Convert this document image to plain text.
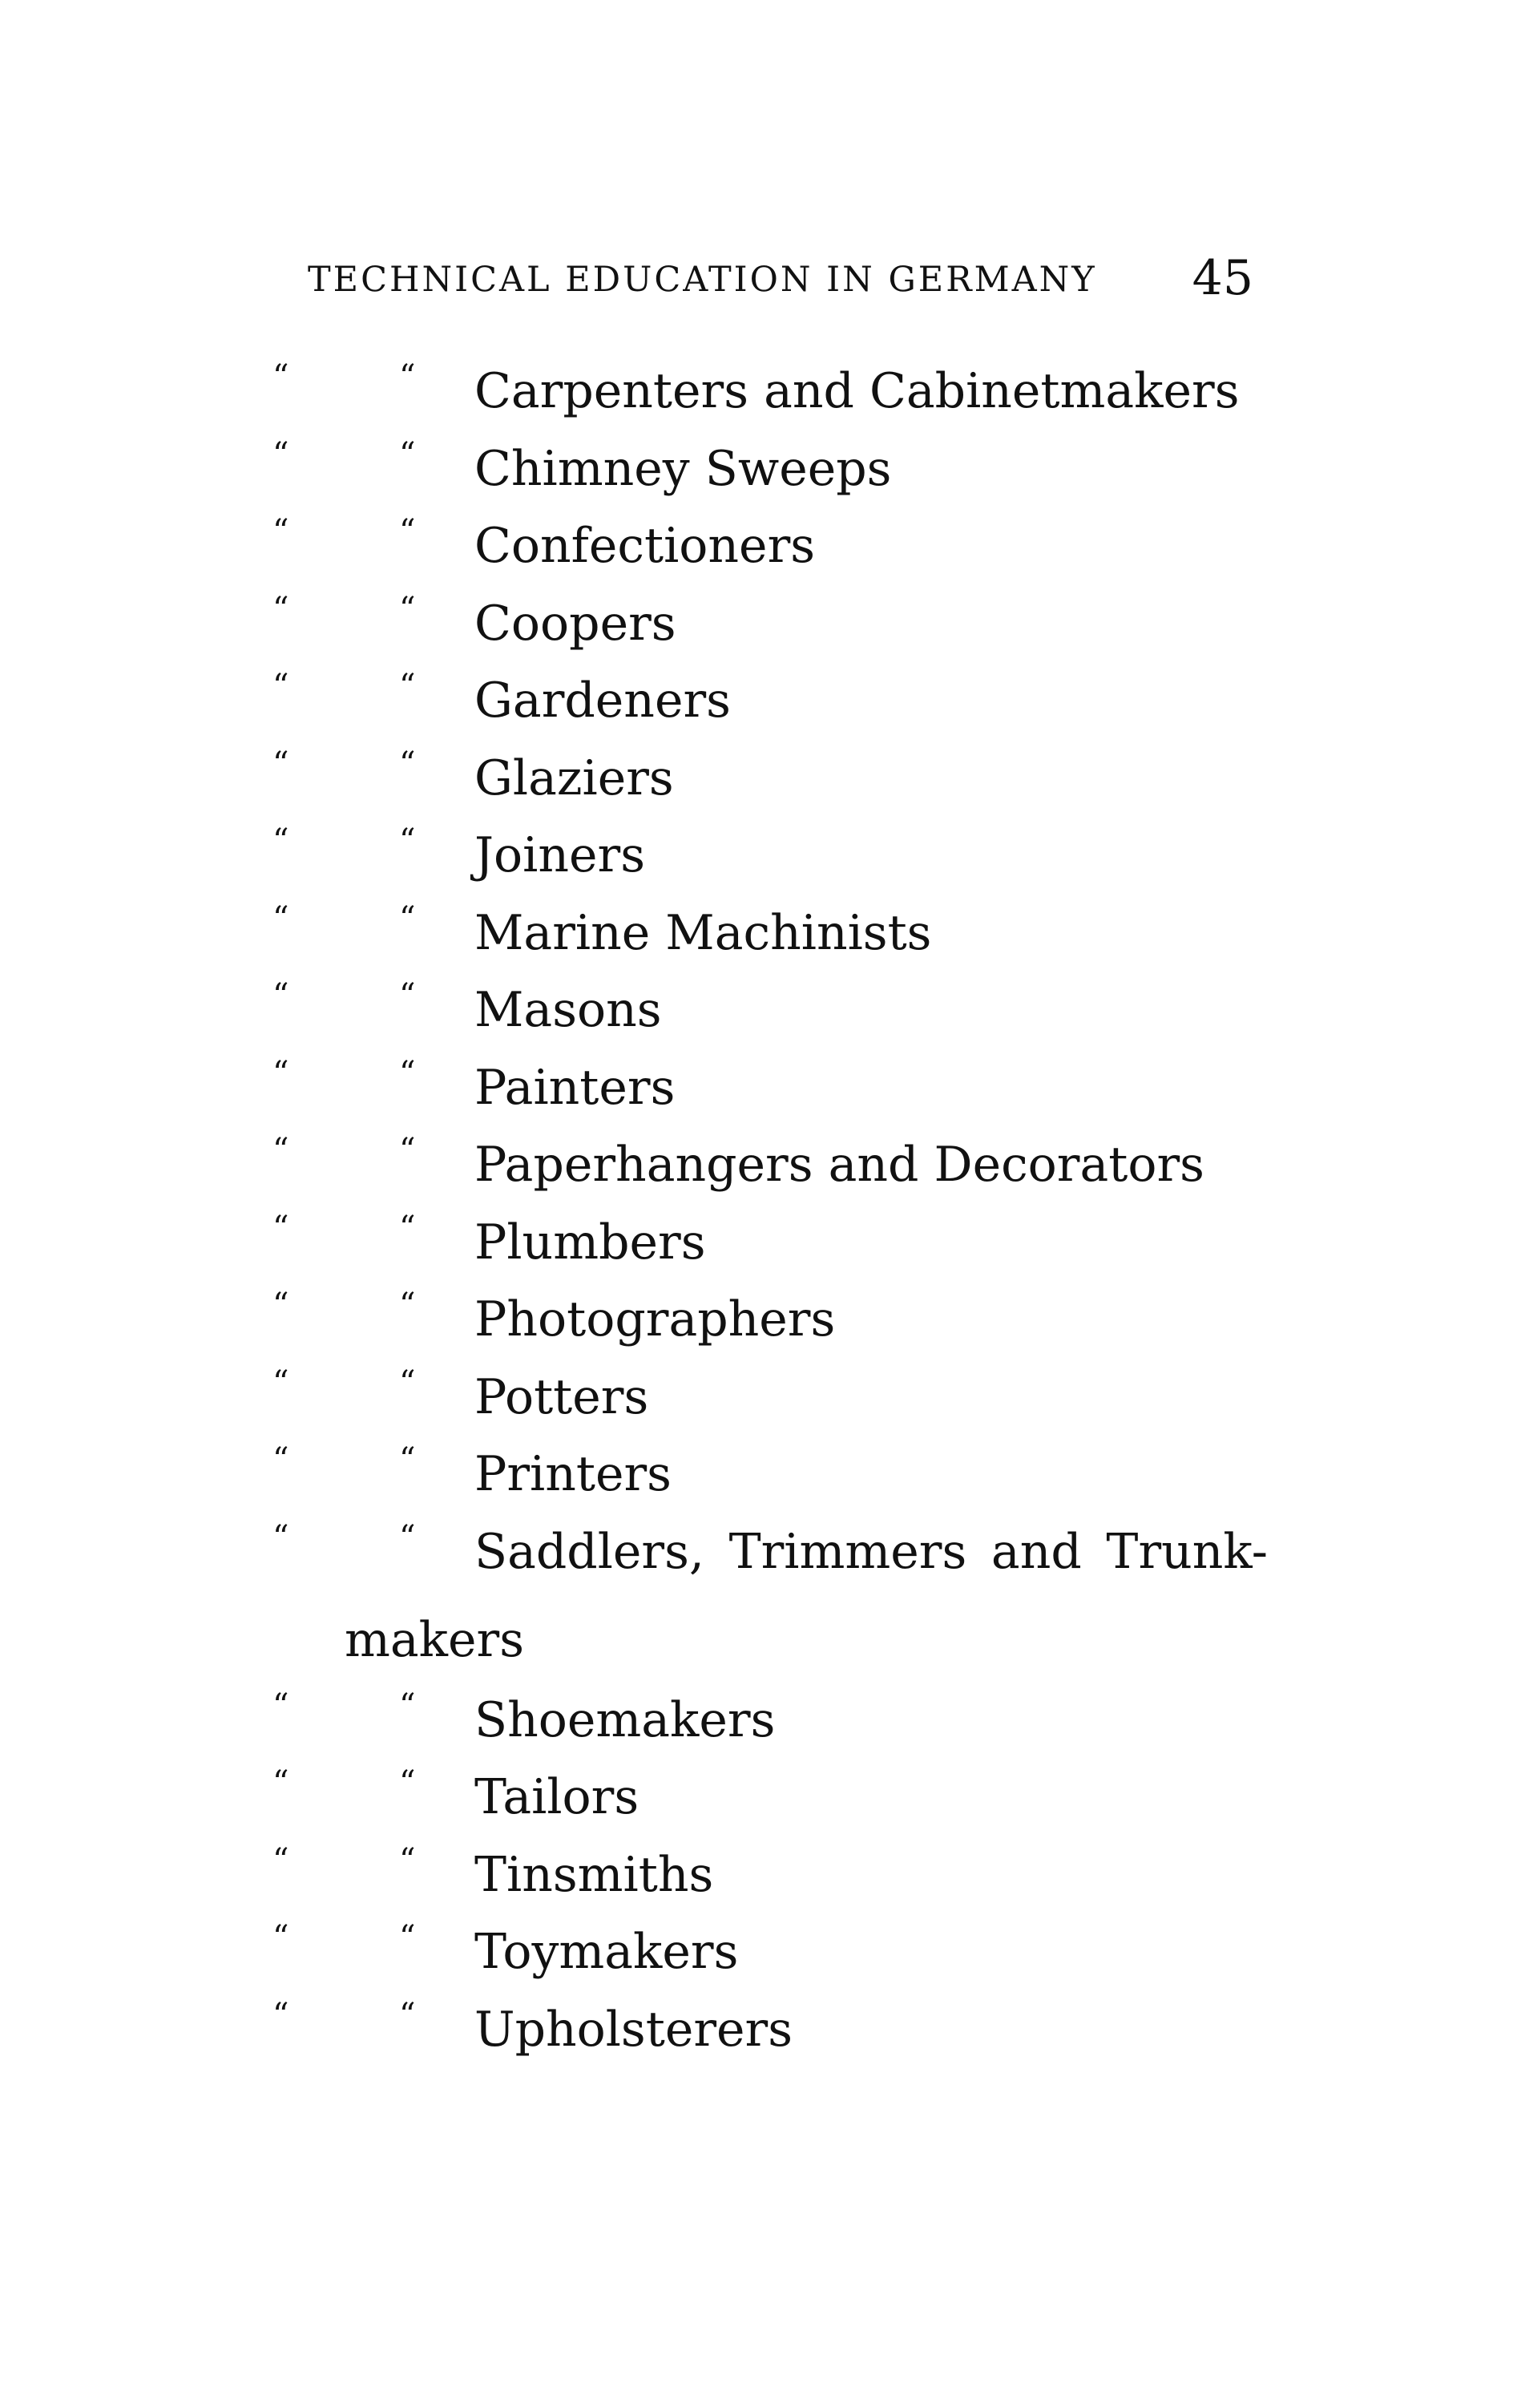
TECHNICAL EDUCATION IN GERMANY 45
“	“ Carpenters and Cabinetmakers
“	“ Chimney Sweeps
“	“ Confectioners
“	“ Coopers
“	“ Gardeners
“	“ Glaziers
“	“ Joiners
“	“ Marine Machinists
“	“ Masons
“	“ Painters
“	“ Paperhangers and Decorators
“	“ Plumbers
“	“ Photographers
“	“ Potters
“	“ Printers
“	“ Saddlers, Trimmers and Trunk-
makers
“	“ Shoemakers
“	“ Tailors
“	“ Tinsmiths
“	“ Toymakers
“	“ Upholsterers
